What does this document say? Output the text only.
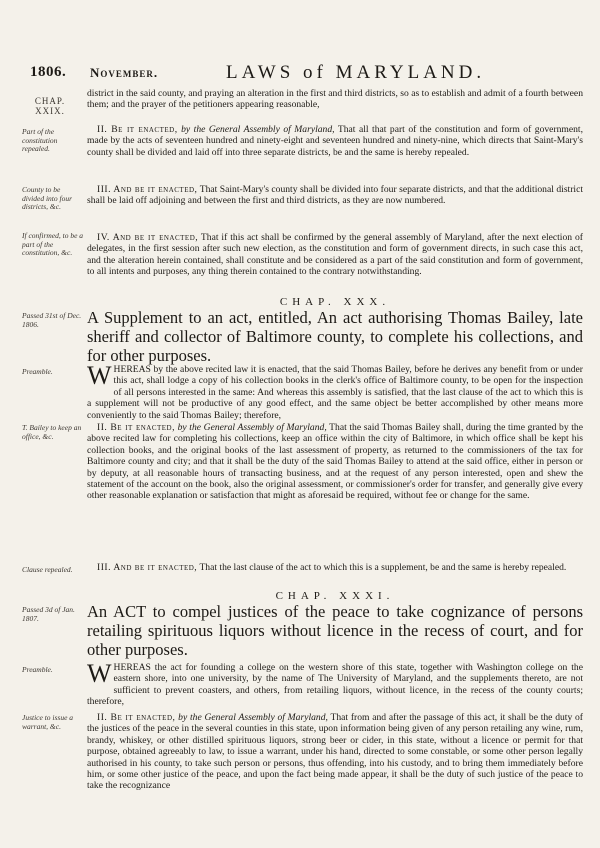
1806. November.	LAWS of MARYLAND.
CHAP. XXIX.

district in the said county, and praying an alteration in the first and third districts, so as to establish and admit of a fourth between them; and the prayer of the petitioners appearing reasonable,

Part of the constitution repealed.

II. Be it enacted, by the General Assembly of Maryland, That all that part of the constitution and form of government, made by the acts of seventeen hundred and ninety-eight and seventeen hundred and ninety-nine, which directs that Saint-Mary's county shall be divided and laid off into three separate districts, be and the same is hereby repealed.

County to be divided into four districts, &c.

III. And be it enacted, That Saint-Mary's county shall be divided into four separate districts, and that the additional district shall be laid off adjoining and between the first and third districts, as they are now numbered.

If confirmed, to be a part of the constitution, &c.

IV. And be it enacted, That if this act shall be confirmed by the general assembly of Maryland, after the next election of delegates, in the first session after such new election, as the constitution and form of government directs, in such case this act, and the alteration herein contained, shall constitute and be considered as a part of the said constitution and form of government, to all intents and purposes, any thing therein contained to the contrary notwithstanding.

CHAP. XXX.
Passed 31st of Dec. 1806.	A Supplement to an act, entitled, An act authorising Thomas Bailey, late sheriff and collector of Baltimore county, to complete his collections, and for other purposes.
Preamble.	WHEREAS by the above recited law it is enacted, that the said Thomas Bailey, before he derives any benefit from or under this act, shall lodge a copy of his collection books in the clerk's office of Baltimore county, to be open for the inspection of all persons interested in the same: And whereas this assembly is satisfied, that the last clause of the act to which this is a supplement will not be productive of any good effect, and the same object be better accomplished by other means more conveniently to the said Thomas Bailey; therefore,

T. Bailey to keep an office, &c.

II. Be it enacted, by the General Assembly of Maryland, That the said Thomas Bailey shall, during the time granted by the above recited law for completing his collections, keep an office within the city of Baltimore, in which office shall be kept his collection books, and the original books of the last assessment of property, as returned to the commissioners of the tax for Baltimore county and city; and that it shall be the duty of the said Thomas Bailey to attend at the said office, either in person or by deputy, at all reasonable hours of transacting business, and at the request of any person interested, open and shew the statement of the account on the book, also the original assessment, or commissioner's order for transfer, and generally give every other reasonable explanation or satisfaction that might as aforesaid be required, without fee or change for the same.

Clause repealed.	III. And be it enacted, That the last clause of the act to which this is a supplement, be and the same is hereby repealed.

CHAP. XXXI.
Passed 3d of Jan. 1807.	An ACT to compel justices of the peace to take cognizance of persons retailing spirituous liquors without licence in the recess of court, and for other purposes.
Preamble.	WHEREAS the act for founding a college on the western shore of this state, together with Washington college on the eastern shore, into one university, by the name of The University of Maryland, and the supplements thereto, are not sufficient to prevent coasters, and others, from retailing liquors, without licence, in the recess of the county courts; therefore,

Justice to issue a warrant, &c.

II. Be it enacted, by the General Assembly of Maryland, That from and after the passage of this act, it shall be the duty of the justices of the peace in the several counties in this state, upon information being given of any person retailing any wine, rum, brandy, whiskey, or other distilled spirituous liquors, strong beer or cider, in this state, without a licence or permit for that purpose, obtained agreeably to law, to issue a warrant, under his hand, directed to some constable, or some other person legally authorised in his county, to take such person or persons, thus offending, into his custody, and to bring them immediately before him, or some other justice of the peace, and upon the fact being made appear, it shall be the duty of such justice of the peace to take the recognizance
